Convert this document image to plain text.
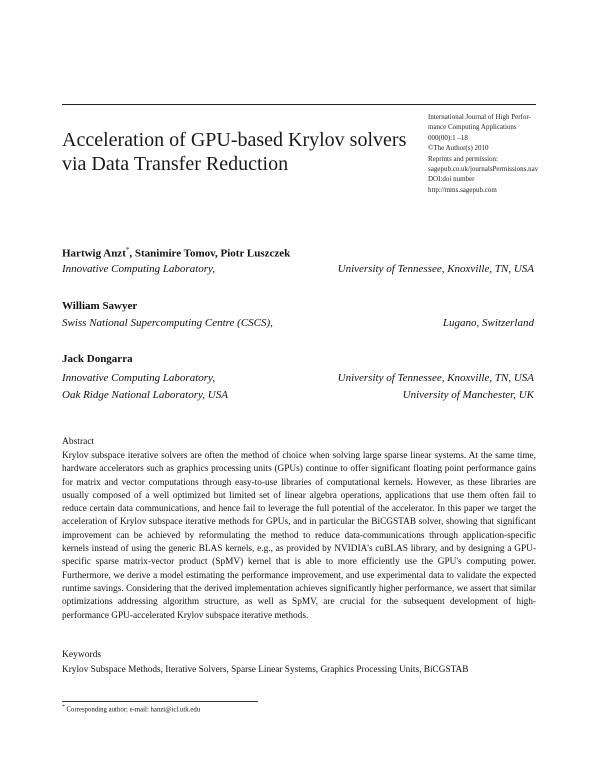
Acceleration of GPU-based Krylov solvers
via Data Transfer Reduction
International Journal of High Perfor-
mance Computing Applications
000(00):1 –18
©The Author(s) 2010
Reprints and permission:
sagepub.co.uk/journalsPermissions.nav
DOI:doi number
http://mms.sagepub.com
Hartwig Anzt*, Stanimire Tomov, Piotr Luszczek
Innovative Computing Laboratory,	University of Tennessee, Knoxville, TN, USA
William Sawyer
Swiss National Supercomputing Centre (CSCS),	Lugano, Switzerland
Jack Dongarra
Innovative Computing Laboratory,	University of Tennessee, Knoxville, TN, USA
Oak Ridge National Laboratory, USA	University of Manchester, UK
Abstract
Krylov subspace iterative solvers are often the method of choice when solving large sparse linear systems. At the same time, hardware accelerators such as graphics processing units (GPUs) continue to offer significant floating point performance gains for matrix and vector computations through easy-to-use libraries of computational kernels. However, as these libraries are usually composed of a well optimized but limited set of linear algebra operations, applications that use them often fail to reduce certain data communications, and hence fail to leverage the full potential of the accelerator. In this paper we target the acceleration of Krylov subspace iterative methods for GPUs, and in particular the BiCGSTAB solver, showing that significant improvement can be achieved by reformulating the method to reduce data-communications through application-specific kernels instead of using the generic BLAS kernels, e.g., as provided by NVIDIA's cuBLAS library, and by designing a GPU-specific sparse matrix-vector product (SpMV) kernel that is able to more efficiently use the GPU's computing power. Furthermore, we derive a model estimating the performance improvement, and use experimental data to validate the expected runtime savings. Considering that the derived implementation achieves significantly higher performance, we assert that similar optimizations addressing algorithm structure, as well as SpMV, are crucial for the subsequent development of high-performance GPU-accelerated Krylov subspace iterative methods.
Keywords
Krylov Subspace Methods, Iterative Solvers, Sparse Linear Systems, Graphics Processing Units, BiCGSTAB
* Corresponding author; e-mail: hanzt@icl.utk.edu
